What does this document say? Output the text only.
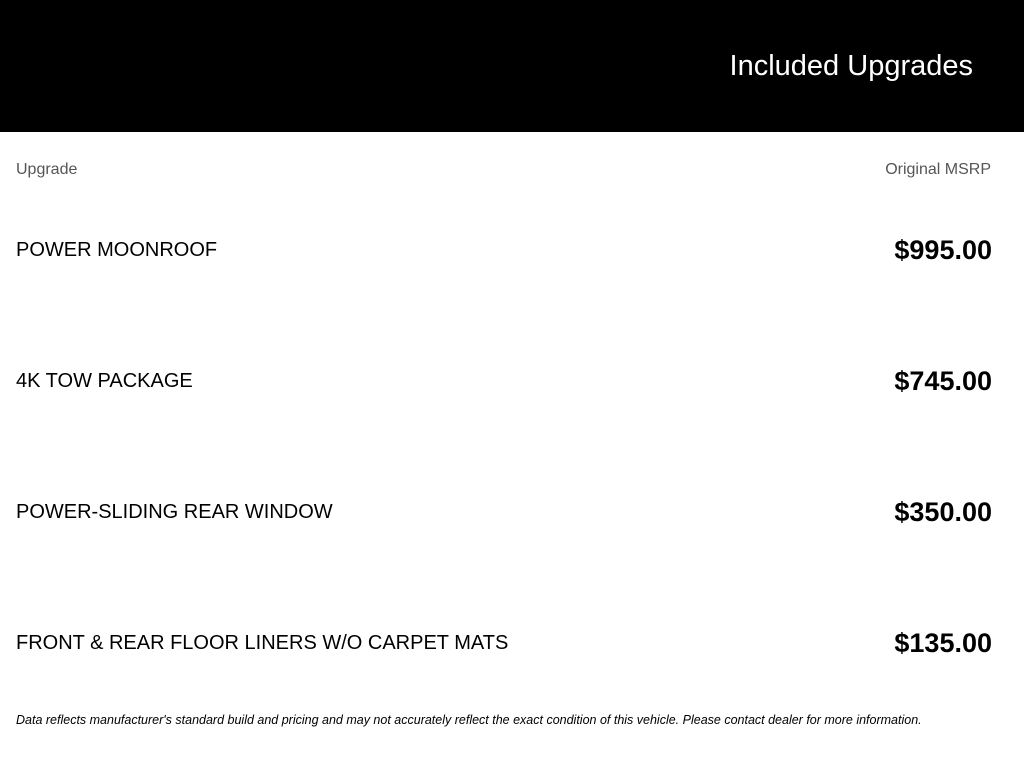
Included Upgrades
Upgrade	Original MSRP
POWER MOONROOF	$995.00
4K TOW PACKAGE	$745.00
POWER-SLIDING REAR WINDOW	$350.00
FRONT & REAR FLOOR LINERS W/O CARPET MATS	$135.00
Data reflects manufacturer's standard build and pricing and may not accurately reflect the exact condition of this vehicle. Please contact dealer for more information.
